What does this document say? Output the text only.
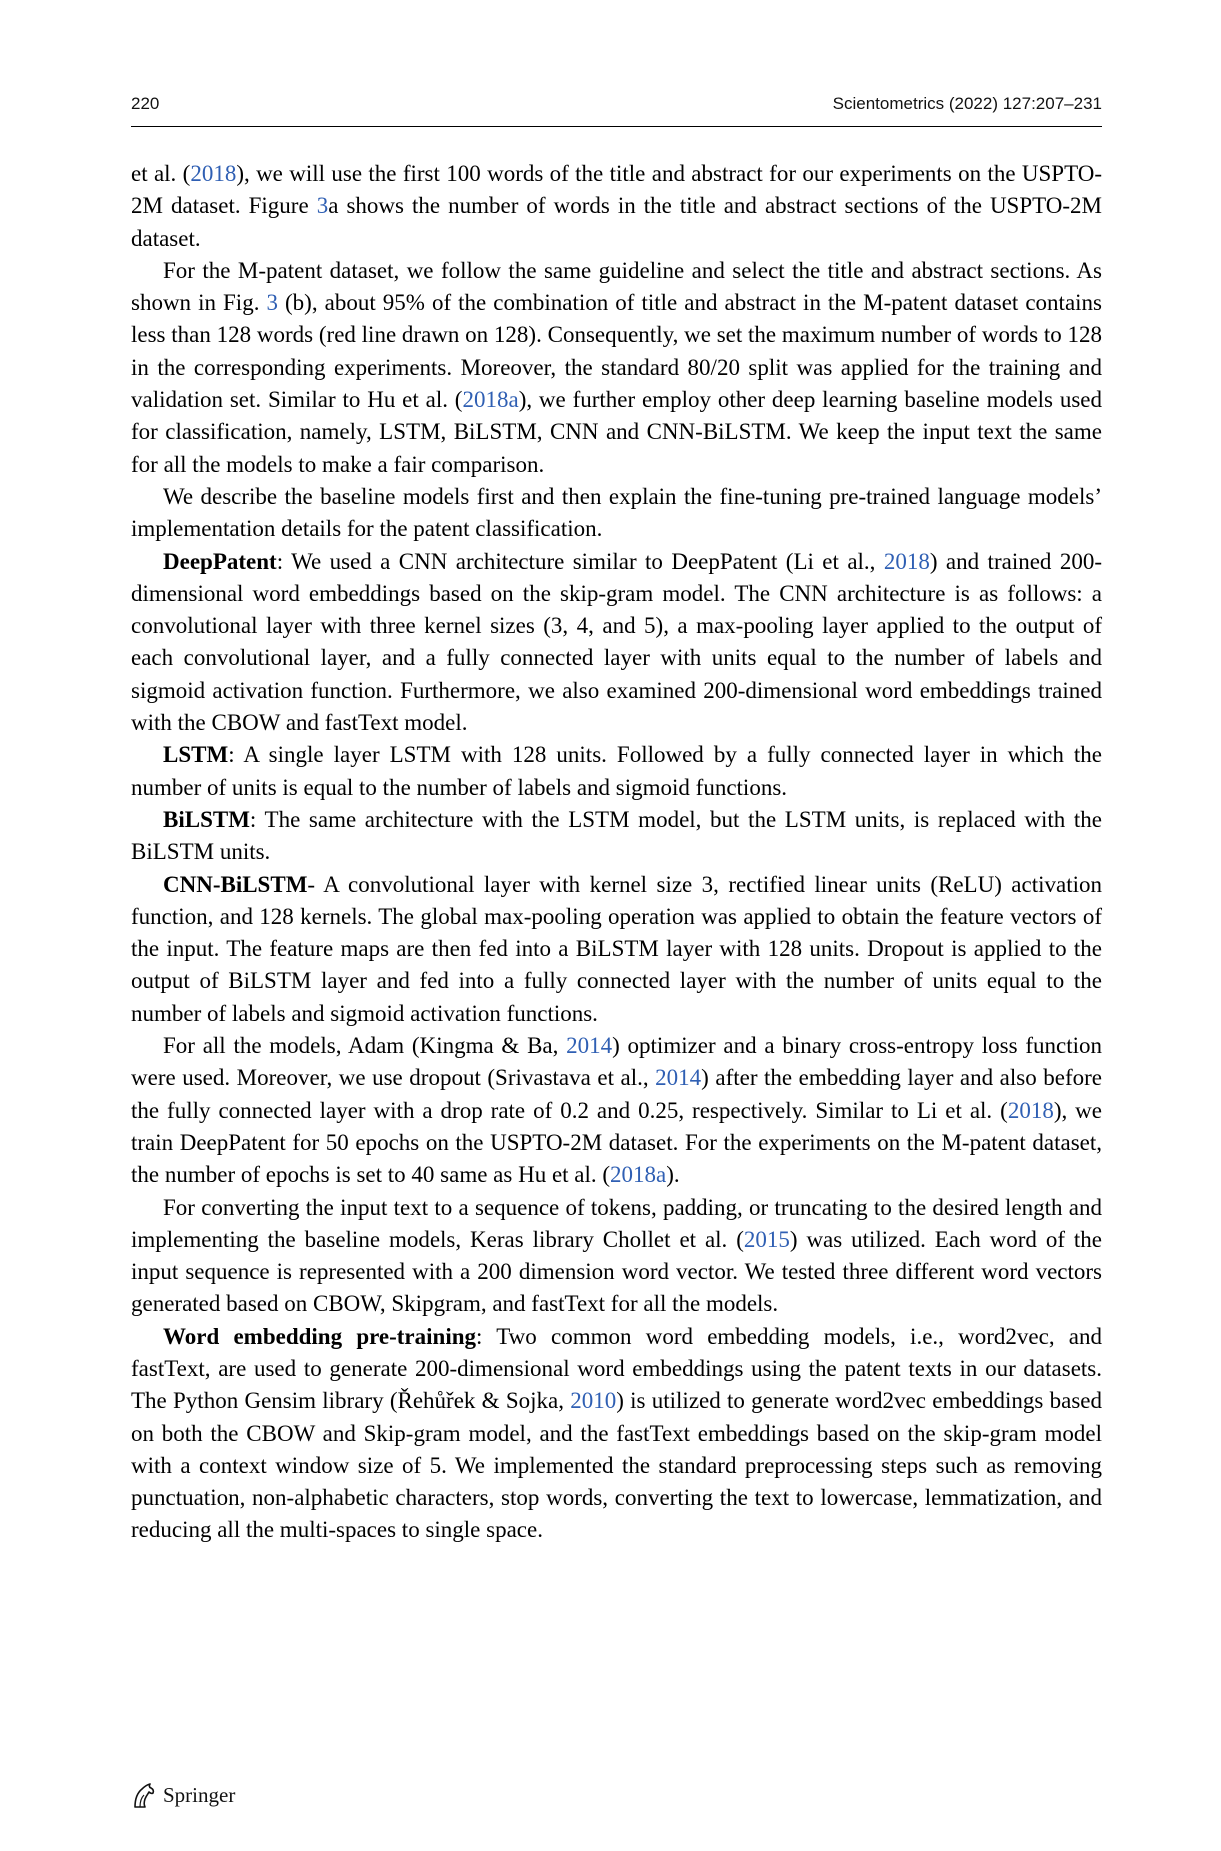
220	Scientometrics (2022) 127:207–231

et al. (2018), we will use the first 100 words of the title and abstract for our experiments on the USPTO-2M dataset. Figure 3a shows the number of words in the title and abstract sections of the USPTO-2M dataset.

For the M-patent dataset, we follow the same guideline and select the title and abstract sections. As shown in Fig. 3 (b), about 95% of the combination of title and abstract in the M-patent dataset contains less than 128 words (red line drawn on 128). Consequently, we set the maximum number of words to 128 in the corresponding experiments. Moreover, the standard 80/20 split was applied for the training and validation set. Similar to Hu et al. (2018a), we further employ other deep learning baseline models used for classification, namely, LSTM, BiLSTM, CNN and CNN-BiLSTM. We keep the input text the same for all the models to make a fair comparison.

We describe the baseline models first and then explain the fine-tuning pre-trained language models’ implementation details for the patent classification.

DeepPatent: We used a CNN architecture similar to DeepPatent (Li et al., 2018) and trained 200-dimensional word embeddings based on the skip-gram model. The CNN architecture is as follows: a convolutional layer with three kernel sizes (3, 4, and 5), a max-pooling layer applied to the output of each convolutional layer, and a fully connected layer with units equal to the number of labels and sigmoid activation function. Furthermore, we also examined 200-dimensional word embeddings trained with the CBOW and fastText model.

LSTM: A single layer LSTM with 128 units. Followed by a fully connected layer in which the number of units is equal to the number of labels and sigmoid functions.

BiLSTM: The same architecture with the LSTM model, but the LSTM units, is replaced with the BiLSTM units.

CNN-BiLSTM- A convolutional layer with kernel size 3, rectified linear units (ReLU) activation function, and 128 kernels. The global max-pooling operation was applied to obtain the feature vectors of the input. The feature maps are then fed into a BiLSTM layer with 128 units. Dropout is applied to the output of BiLSTM layer and fed into a fully connected layer with the number of units equal to the number of labels and sigmoid activation functions.

For all the models, Adam (Kingma & Ba, 2014) optimizer and a binary cross-entropy loss function were used. Moreover, we use dropout (Srivastava et al., 2014) after the embedding layer and also before the fully connected layer with a drop rate of 0.2 and 0.25, respectively. Similar to Li et al. (2018), we train DeepPatent for 50 epochs on the USPTO-2M dataset. For the experiments on the M-patent dataset, the number of epochs is set to 40 same as Hu et al. (2018a).

For converting the input text to a sequence of tokens, padding, or truncating to the desired length and implementing the baseline models, Keras library Chollet et al. (2015) was utilized. Each word of the input sequence is represented with a 200 dimension word vector. We tested three different word vectors generated based on CBOW, Skipgram, and fastText for all the models.

Word embedding pre-training: Two common word embedding models, i.e., word2vec, and fastText, are used to generate 200-dimensional word embeddings using the patent texts in our datasets. The Python Gensim library (Řehůřek & Sojka, 2010) is utilized to generate word2vec embeddings based on both the CBOW and Skip-gram model, and the fastText embeddings based on the skip-gram model with a context window size of 5. We implemented the standard preprocessing steps such as removing punctuation, non-alphabetic characters, stop words, converting the text to lowercase, lemmatization, and reducing all the multi-spaces to single space.

Springer
